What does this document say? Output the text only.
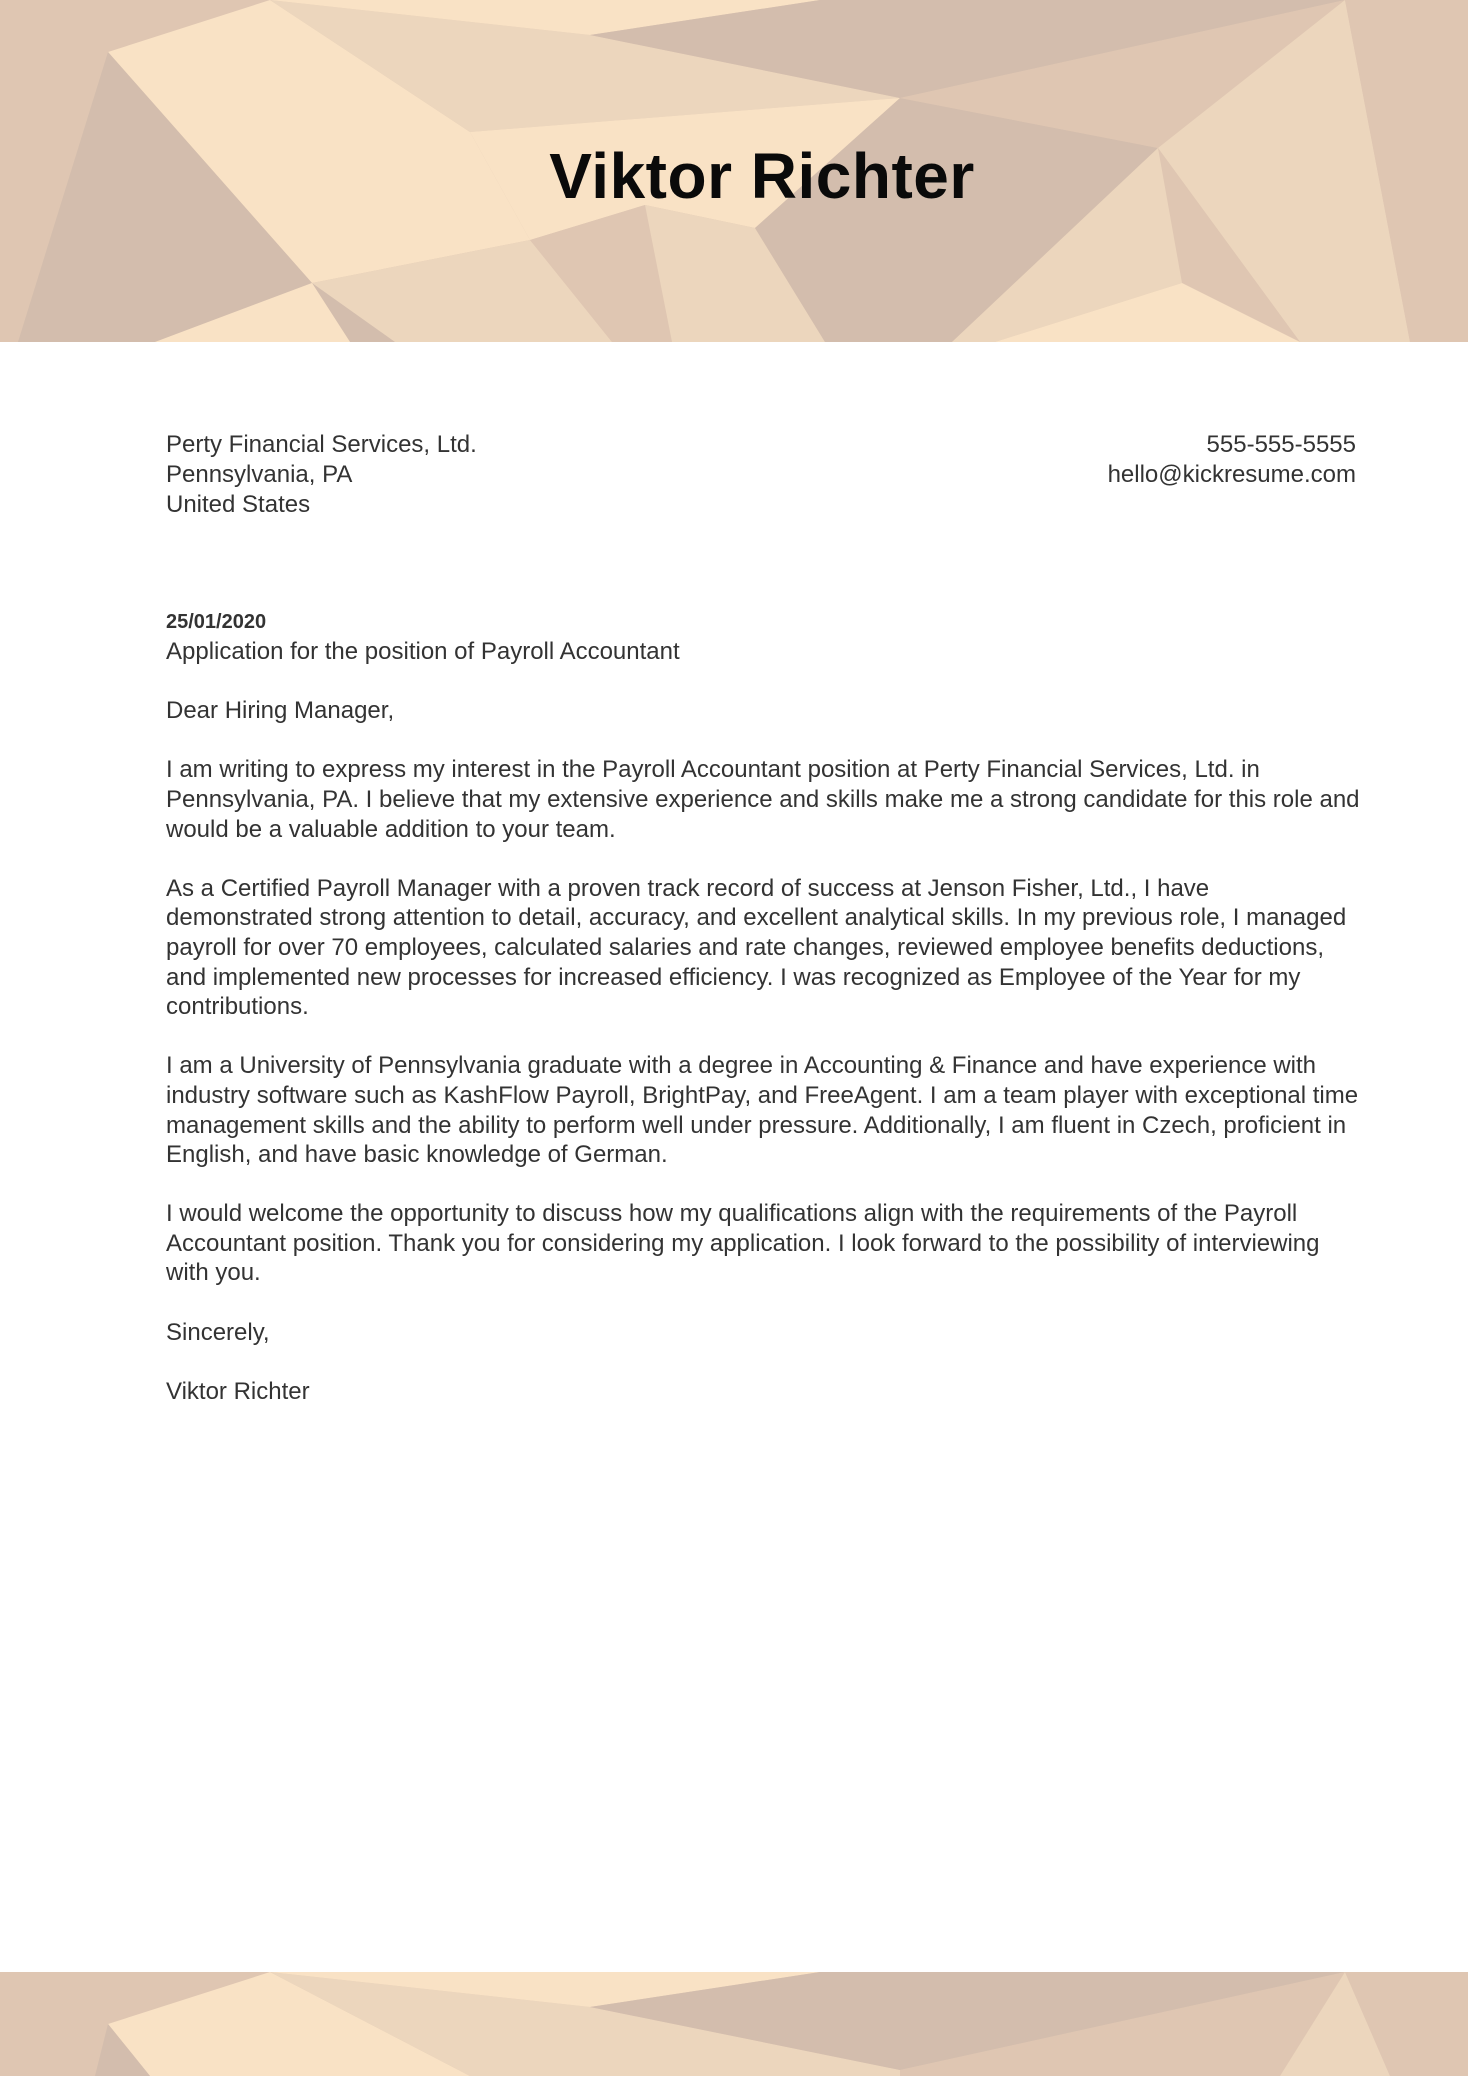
Viktor Richter
Perty Financial Services, Ltd.
Pennsylvania, PA
United States
555-555-5555
hello@kickresume.com
25/01/2020

Application for the position of Payroll Accountant

Dear Hiring Manager,

I am writing to express my interest in the Payroll Accountant position at Perty Financial Services, Ltd. in Pennsylvania, PA. I believe that my extensive experience and skills make me a strong candidate for this role and would be a valuable addition to your team.

As a Certified Payroll Manager with a proven track record of success at Jenson Fisher, Ltd., I have demonstrated strong attention to detail, accuracy, and excellent analytical skills. In my previous role, I managed payroll for over 70 employees, calculated salaries and rate changes, reviewed employee benefits deductions, and implemented new processes for increased efficiency. I was recognized as Employee of the Year for my contributions.

I am a University of Pennsylvania graduate with a degree in Accounting & Finance and have experience with industry software such as KashFlow Payroll, BrightPay, and FreeAgent. I am a team player with exceptional time management skills and the ability to perform well under pressure. Additionally, I am fluent in Czech, proficient in English, and have basic knowledge of German.

I would welcome the opportunity to discuss how my qualifications align with the requirements of the Payroll Accountant position. Thank you for considering my application. I look forward to the possibility of interviewing with you.

Sincerely,

Viktor Richter
